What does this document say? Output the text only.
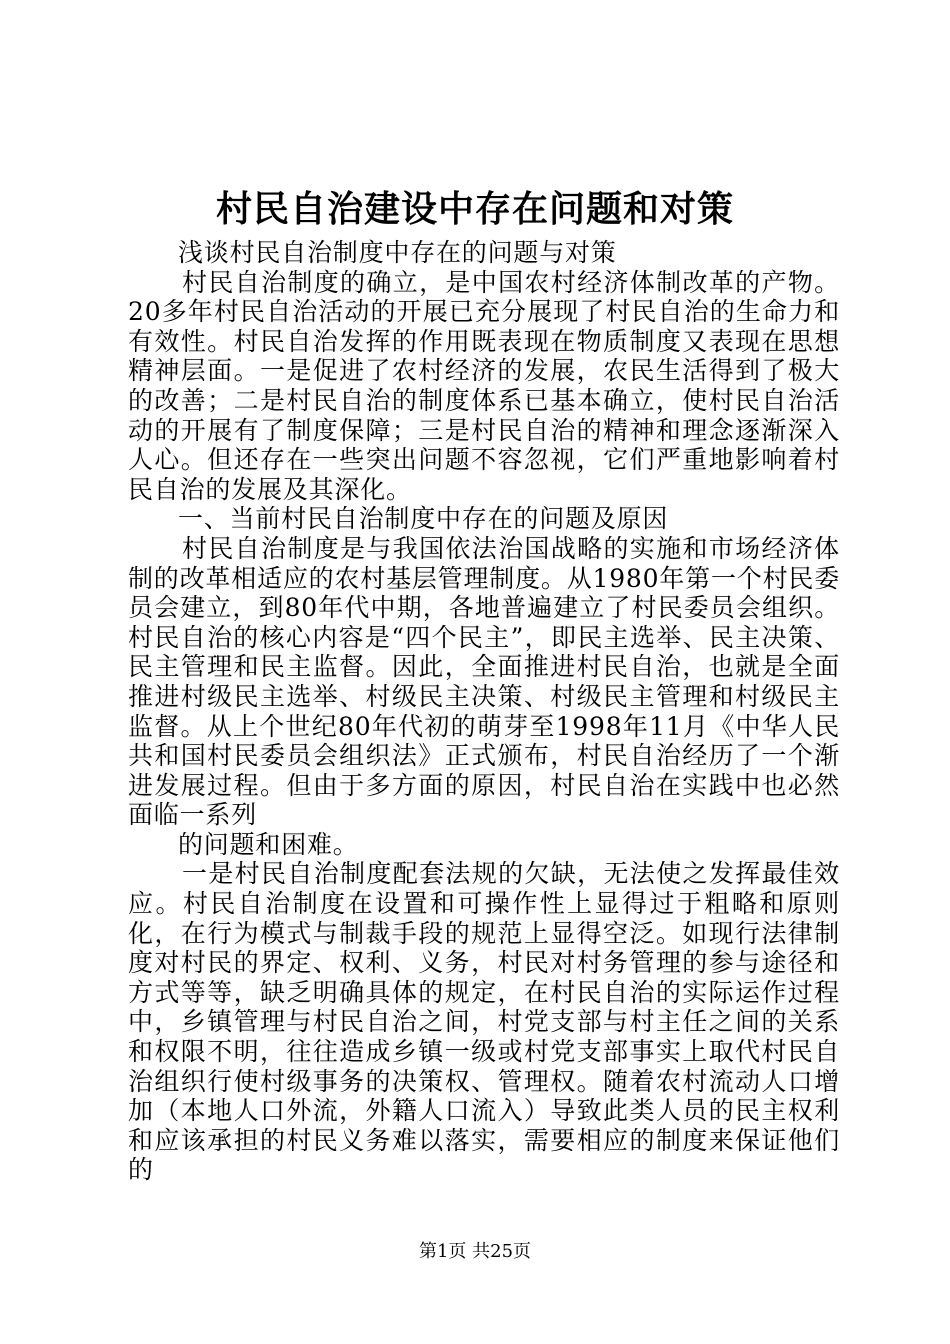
村民自治建设中存在问题和对策

浅谈村民自治制度中存在的问题与对策

村民自治制度的确立，是中国农村经济体制改革的产物。20多年村民自治活动的开展已充分展现了村民自治的生命力和有效性。村民自治发挥的作用既表现在物质制度又表现在思想精神层面。一是促进了农村经济的发展，农民生活得到了极大的改善；二是村民自治的制度体系已基本确立，使村民自治活动的开展有了制度保障；三是村民自治的精神和理念逐渐深入人心。但还存在一些突出问题不容忽视，它们严重地影响着村民自治的发展及其深化。

一、当前村民自治制度中存在的问题及原因

村民自治制度是与我国依法治国战略的实施和市场经济体制的改革相适应的农村基层管理制度。从1980年第一个村民委员会建立，到80年代中期，各地普遍建立了村民委员会组织。村民自治的核心内容是“四个民主”，即民主选举、民主决策、民主管理和民主监督。因此，全面推进村民自治，也就是全面推进村级民主选举、村级民主决策、村级民主管理和村级民主监督。从上个世纪80年代初的萌芽至1998年11月《中华人民共和国村民委员会组织法》正式颁布，村民自治经历了一个渐进发展过程。但由于多方面的原因，村民自治在实践中也必然面临一系列

的问题和困难。

一是村民自治制度配套法规的欠缺，无法使之发挥最佳效应。村民自治制度在设置和可操作性上显得过于粗略和原则化，在行为模式与制裁手段的规范上显得空泛。如现行法律制度对村民的界定、权利、义务，村民对村务管理的参与途径和方式等等，缺乏明确具体的规定，在村民自治的实际运作过程中，乡镇管理与村民自治之间，村党支部与村主任之间的关系和权限不明，往往造成乡镇一级或村党支部事实上取代村民自治组织行使村级事务的决策权、管理权。随着农村流动人口增加（本地人口外流，外籍人口流入）导致此类人员的民主权利和应该承担的村民义务难以落实，需要相应的制度来保证他们的

第1页 共25页
